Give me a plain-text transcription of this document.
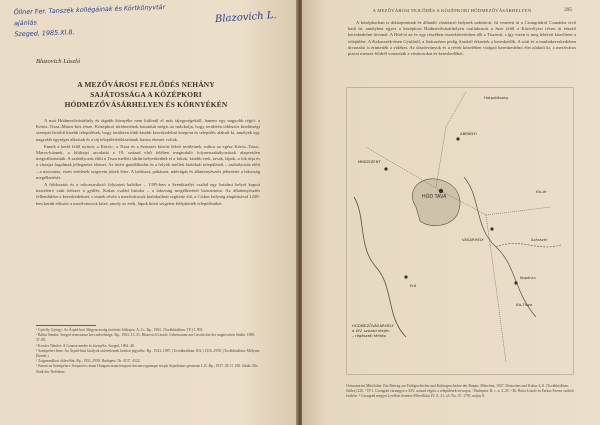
Öllner Fer. Tanszék kollégáinak és Körtkönyvtár
ajánlás
Szeged, 1985.XI.8.
Blazovich L.
Blazovich László
A MEZŐVÁROSI FEJLŐDÉS NEHÁNY
SAJÁTOSSÁGA A KÖZÉPKORI
HÓDMEZŐVÁSÁRHELYEN ÉS KÖRNYÉKÉN

A mai Hódmezővásárhely és tágabb környéke nem különül el más tájegységektől, hanem egy nagyobb régió: a Körös–Tisza–Maros-köz része. Középkori történetének kutatását mégis az indokolja, hogy területén többször kisebbségi szerepet betöltő kisebb települések, hogy területen több kisebb kereskedelmi központ és település alakult ki, amelyek egy nagyobb egységet alkottak és a táj településhálózatának fontos elemei voltak.

Ennek a kettő felől nyitott, a Körös-, a Tisza és a Szárazér között fekvő területnek, mikor az egész Körös–Tisza–Maros-köznek, a földrajzi arculatát a 19. század elsõ felében meginduló folyamszabályozások alapvetően megváltoztatták. A szabályozás előtt a Tisza mellett sűrűn helyezkedtek el a fokok, kisebb erek, tavak, lápok, a fok útja és a vízrajzi fogalmak jellegzetes elemei. Az ártéri gazdálkodás és a folyók mellett kialakult települések – szabályozás előtt – a mocsaras, vizes területek szigetein jöttek létre. A halászat, pákászat, nádvágás és állattenyésztés jelentette a lakosság megélhetését.

A földosztás és a rekonstrukció folytatott balsiker – 1395-ben a Szentkirályi család egy hatalmi helyét kapott tiszteletre csak kétszer a gyűlés, Kakas család birtoka – a lakosság megélhetését biztosította. Az állattenyésztés fellendülése a kereskedelmet, s ennek révén a mezővárosok kialakulását segítette elő, a Csikos helység alapításával 1239-ben került először a mezővárosok közé, amely az erek, lápok közti szigeten felépítették településüket.

¹ Györffy György: Az Árpád-kori Magyarország történeti földrajza. A–Cs. Bp., 1963. (Továbbiakban: TF.) I. 839.
² Bálint Sándor: Szeged reneszánsz kori műveltsége. Bp., 1963. 15–35. Blazovich László: Lebensraum zur Geschichte der ungarischen Städte. 1986. 37–69.
³ Kovács Nándor: A Gonosz-meder és környéke. Szeged, 1962. 46.
⁴ Szentpéteri Imre: Az Árpád-házi királyok okleveleinek kritikai jegyzéke. Bp., 1923–1987. (Továbbiakban: RA.) 1316–1958. (Továbbiakban: Mályusz Elemér.)
⁵ Zsigmondkori oklevéltár. Bp., 1951–1958. Budapest. Nr. 4137. 4122.
⁶ Emericus Szentpéteri: Scriptores rerum Hungaricarum tempore ducum regumque stirpis Arpadianae gestarum I–II. Bp., 1937–38. II. 180. Jakab: Die Stadt der Tiefebene.
A MEZŐVÁROSI FEJLŐDÉS A KÖZÉPKORI HÓDMEZŐVÁSÁRHELYEN	395

A középkorban is útközpontnak és állandó vásártartó helynek számított. Itt vezetett át a Csongrádról Csanádra vivő hadi út, amelyben egyes a középkori Hódmezővásárhelyen csatlakozott a Szer felől a Körtvélyesi réven át érkező kereskedelmi útvonal. A Hód-tó az év egy részében összeköttetésben állt a Tiszával, s így vizen is meg lehetett közelíteni a települést. A Kakasszék-énen Gyuláról, a Szárazéren pedig Aradról érkeztek a kereskedők. A sóút és a marhakereskedelem útvonalai is érintették a vidéket. Az útszórványok és a révek közelében virágzó kereskedelmi élet alakult ki, a mezőváros piacai messze földről vonzották a vásárosokat és kereskedőket.

HÓD TAVA
MINDSZENT
ABRÁNYI
VÁSÁRHELY
Hatpotószeg
Kis-Tisza
Szárazér
Kopáncs
Erő
Kis-ér
HÓDMEZŐVÁSÁRHELY
a XIV. század elején
– régészeti térkép
Ortsname im Mittelalter. Ein Beitrag zur Frühgeschichte und Kulturgeschichte des Banats. München, 1937. Deutsches und Kultur 4–8. (Továbbiakban: Stilles) 220. ¹ TF I. Csongrád vármegye a XIV. század végén, a települések tervrajza. ² Budapest. R. c. n. 3–25. ³ Dr. Berta László és Farkas Ferenc szóbeli közlése. ⁴ Csongrád megyei Levéltár Szentes Főlevéltára IV. A. 21. a3. No. 37. 1793. május 8.
